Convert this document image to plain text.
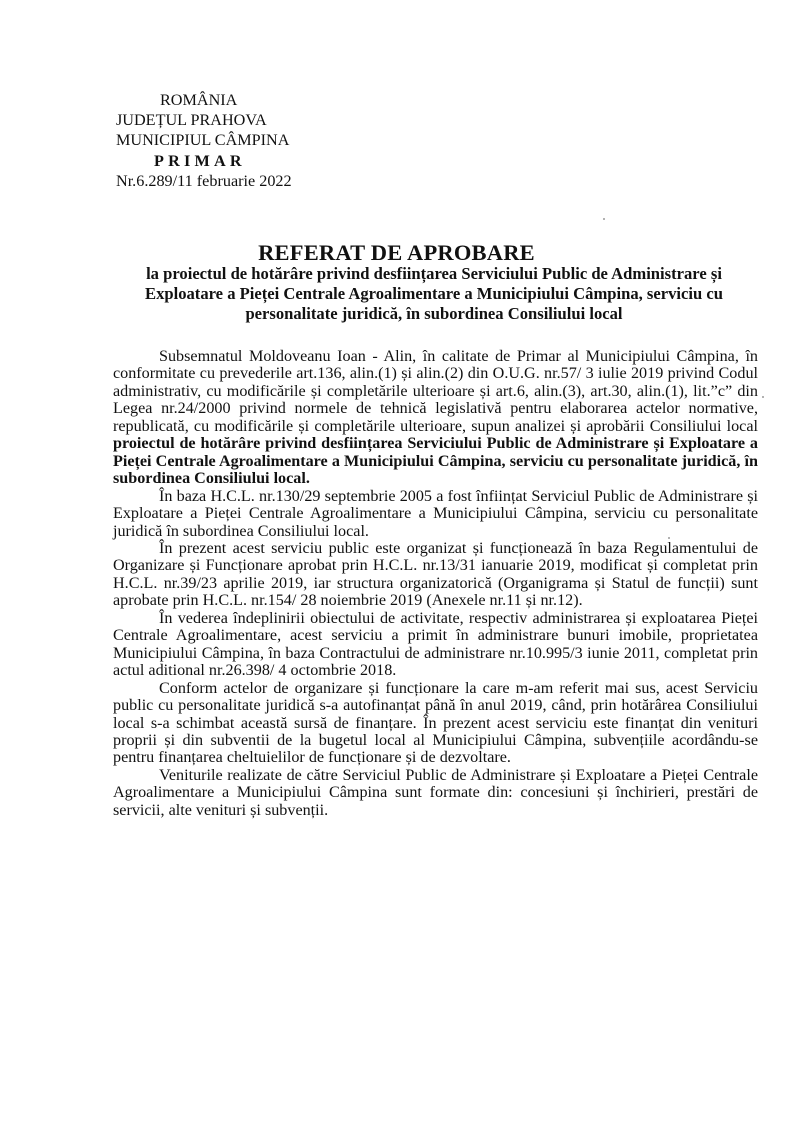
ROMÂNIA
JUDEȚUL PRAHOVA
MUNICIPIUL CÂMPINA
PRIMAR
Nr.6.289/11 februarie 2022
REFERAT DE APROBARE
la proiectul de hotărâre privind desființarea Serviciului Public de Administrare și Exploatare a Pieței Centrale Agroalimentare a Municipiului Câmpina, serviciu cu personalitate juridică, în subordinea Consiliului local

Subsemnatul Moldoveanu Ioan - Alin, în calitate de Primar al Municipiului Câmpina, în conformitate cu prevederile art.136, alin.(1) și alin.(2) din O.U.G. nr.57/ 3 iulie 2019 privind Codul administrativ, cu modificările și completările ulterioare și art.6, alin.(3), art.30, alin.(1), lit.”c” din Legea nr.24/2000 privind normele de tehnică legislativă pentru elaborarea actelor normative, republicată, cu modificările și completările ulterioare, supun analizei și aprobării Consiliului local proiectul de hotărâre privind desființarea Serviciului Public de Administrare și Exploatare a Pieței Centrale Agroalimentare a Municipiului Câmpina, serviciu cu personalitate juridică, în subordinea Consiliului local.

În baza H.C.L. nr.130/29 septembrie 2005 a fost înființat Serviciul Public de Administrare și Exploatare a Pieței Centrale Agroalimentare a Municipiului Câmpina, serviciu cu personalitate juridică în subordinea Consiliului local.

În prezent acest serviciu public este organizat și funcționează în baza Regulamentului de Organizare și Funcționare aprobat prin H.C.L. nr.13/31 ianuarie 2019, modificat și completat prin H.C.L. nr.39/23 aprilie 2019, iar structura organizatorică (Organigrama și Statul de funcții) sunt aprobate prin H.C.L. nr.154/ 28 noiembrie 2019 (Anexele nr.11 și nr.12).

În vederea îndeplinirii obiectului de activitate, respectiv administrarea și exploatarea Pieței Centrale Agroalimentare, acest serviciu a primit în administrare bunuri imobile, proprietatea Municipiului Câmpina, în baza Contractului de administrare nr.10.995/3 iunie 2011, completat prin actul aditional nr.26.398/ 4 octombrie 2018.

Conform actelor de organizare și funcționare la care m-am referit mai sus, acest Serviciu public cu personalitate juridică s-a autofinanțat până în anul 2019, când, prin hotărârea Consiliului local s-a schimbat această sursă de finanțare. În prezent acest serviciu este finanțat din venituri proprii și din subventii de la bugetul local al Municipiului Câmpina, subvențiile acordându-se pentru finanțarea cheltuielilor de funcționare și de dezvoltare.

Veniturile realizate de către Serviciul Public de Administrare și Exploatare a Pieței Centrale Agroalimentare a Municipiului Câmpina sunt formate din: concesiuni și închirieri, prestări de servicii, alte venituri și subvenții.
